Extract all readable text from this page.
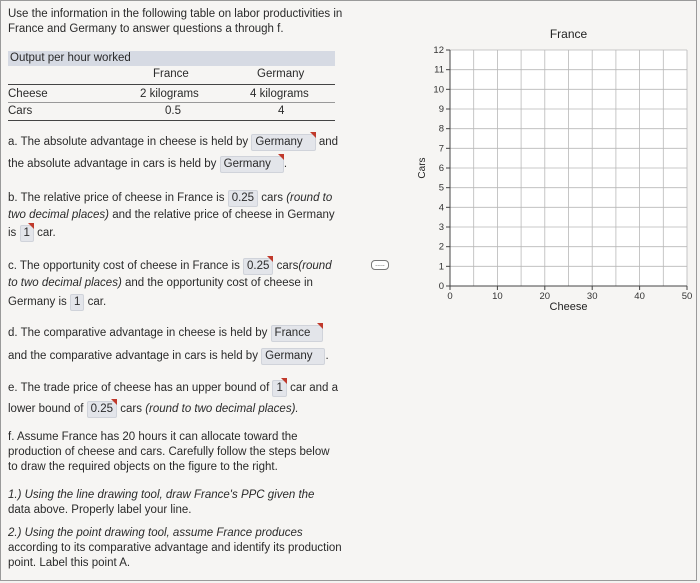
Use the information in the following table on labor productivities in
France and Germany to answer questions a through f.
Output per hour worked
France	Germany
Cheese	2 kilograms	4 kilograms
Cars	0.5	4
a. The absolute advantage in cheese is held by Germany and
the absolute advantage in cars is held by Germany .
b. The relative price of cheese in France is 0.25 cars (round to
two decimal places) and the relative price of cheese in Germany
is 1 car.
c. The opportunity cost of cheese in France is 0.25 cars(round
to two decimal places) and the opportunity cost of cheese in
Germany is 1 car.
d. The comparative advantage in cheese is held by France
and the comparative advantage in cars is held by Germany .
e. The trade price of cheese has an upper bound of 1 car and a
lower bound of 0.25 cars (round to two decimal places).
f. Assume France has 20 hours it can allocate toward the
production of cheese and cars. Carefully follow the steps below
to draw the required objects on the figure to the right.
1.) Using the line drawing tool, draw France's PPC given the
data above. Properly label your line.
2.) Using the point drawing tool, assume France produces
according to its comparative advantage and identify its production
point. Label this point A.
.....
0
1
2
3
4
5
6
7
8
9
10
11
12
0	10	20	30	40	50
France
Cheese
Cars
